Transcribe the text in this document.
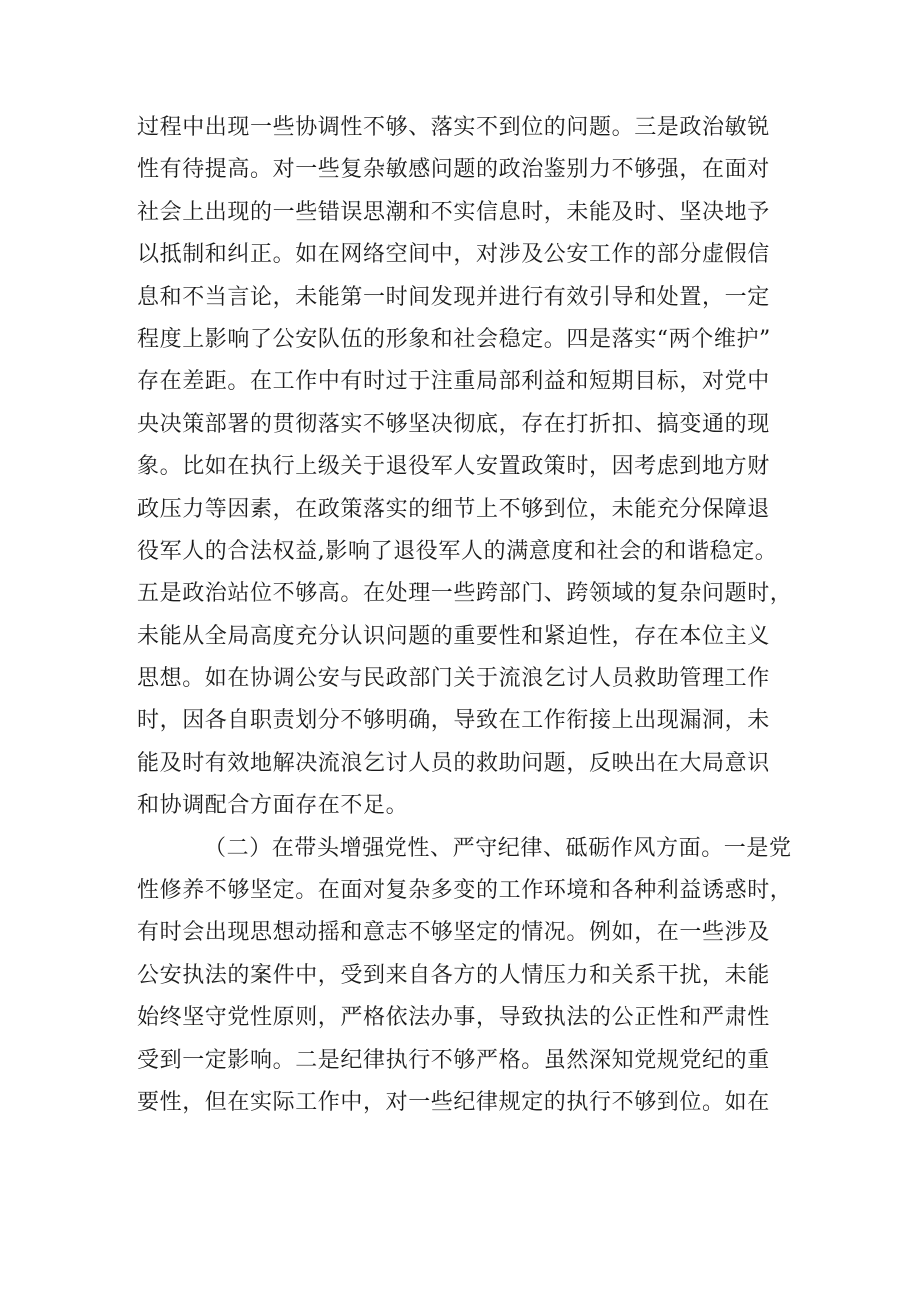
过程中出现一些协调性不够、落实不到位的问题。三是政治敏锐
性有待提高。对一些复杂敏感问题的政治鉴别力不够强，在面对
社会上出现的一些错误思潮和不实信息时，未能及时、坚决地予
以抵制和纠正。如在网络空间中，对涉及公安工作的部分虚假信
息和不当言论，未能第一时间发现并进行有效引导和处置，一定
程度上影响了公安队伍的形象和社会稳定。四是落实“两个维护”
存在差距。在工作中有时过于注重局部利益和短期目标，对党中
央决策部署的贯彻落实不够坚决彻底，存在打折扣、搞变通的现
象。比如在执行上级关于退役军人安置政策时，因考虑到地方财
政压力等因素，在政策落实的细节上不够到位，未能充分保障退
役军人的合法权益,影响了退役军人的满意度和社会的和谐稳定。
五是政治站位不够高。在处理一些跨部门、跨领域的复杂问题时，
未能从全局高度充分认识问题的重要性和紧迫性，存在本位主义
思想。如在协调公安与民政部门关于流浪乞讨人员救助管理工作
时，因各自职责划分不够明确，导致在工作衔接上出现漏洞，未
能及时有效地解决流浪乞讨人员的救助问题，反映出在大局意识
和协调配合方面存在不足。
（二）在带头增强党性、严守纪律、砥砺作风方面。一是党
性修养不够坚定。在面对复杂多变的工作环境和各种利益诱惑时，
有时会出现思想动摇和意志不够坚定的情况。例如，在一些涉及
公安执法的案件中，受到来自各方的人情压力和关系干扰，未能
始终坚守党性原则，严格依法办事，导致执法的公正性和严肃性
受到一定影响。二是纪律执行不够严格。虽然深知党规党纪的重
要性，但在实际工作中，对一些纪律规定的执行不够到位。如在
